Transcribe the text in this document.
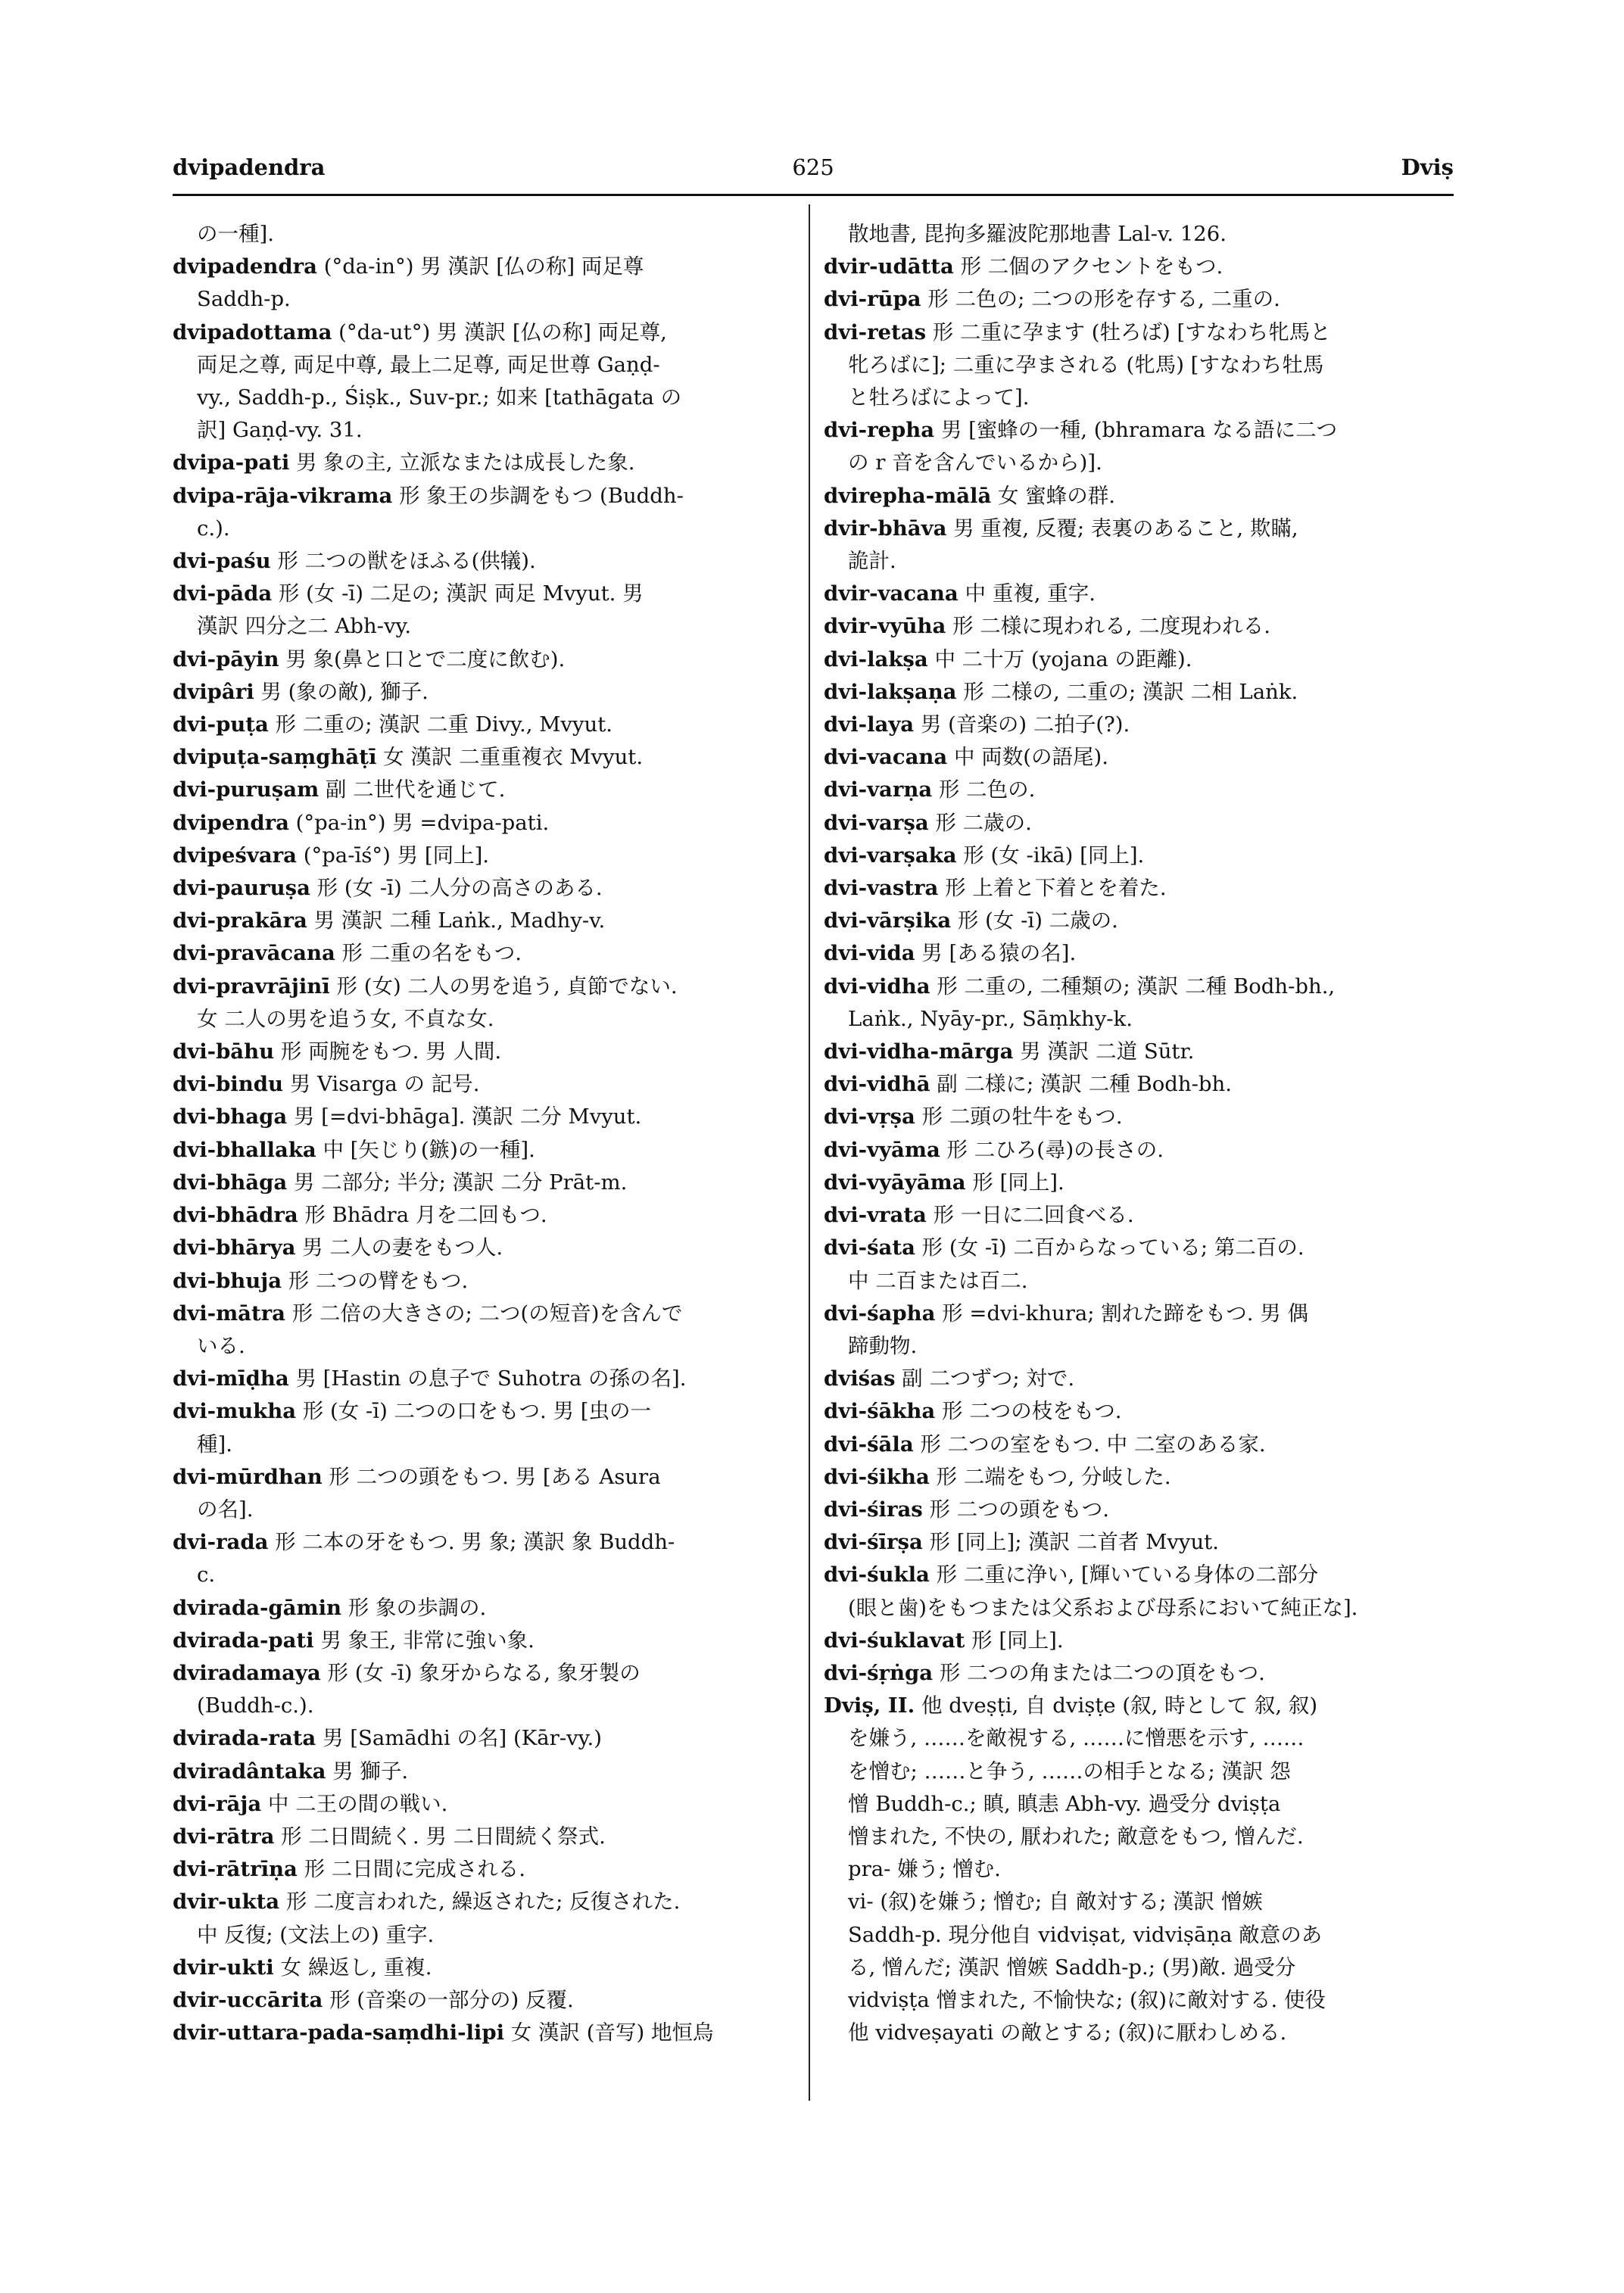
dvipadendra	625	Dviṣ
の一種].
dvipadendra (°da-in°) 男 漢訳 [仏の称] 両足尊
Saddh-p.
dvipadottama (°da-ut°) 男 漢訳 [仏の称] 両足尊,
両足之尊, 両足中尊, 最上二足尊, 両足世尊 Gaṇḍ-
vy., Saddh-p., Śiṣk., Suv-pr.; 如来 [tathāgata の
訳] Gaṇḍ-vy. 31.
dvipa-pati 男 象の主, 立派なまたは成長した象.
dvipa-rāja-vikrama 形 象王の歩調をもつ (Buddh-
c.).
dvi-paśu 形 二つの獣をほふる(供犠).
dvi-pāda 形 (女 -ī) 二足の; 漢訳 両足 Mvyut. 男
漢訳 四分之二 Abh-vy.
dvi-pāyin 男 象(鼻と口とで二度に飲む).
dvipâri 男 (象の敵), 獅子.
dvi-puṭa 形 二重の; 漢訳 二重 Divy., Mvyut.
dvipuṭa-saṃghāṭī 女 漢訳 二重重複衣 Mvyut.
dvi-puruṣam 副 二世代を通じて.
dvipendra (°pa-in°) 男 =dvipa-pati.
dvipeśvara (°pa-īś°) 男 [同上].
dvi-pauruṣa 形 (女 -ī) 二人分の高さのある.
dvi-prakāra 男 漢訳 二種 Laṅk., Madhy-v.
dvi-pravācana 形 二重の名をもつ.
dvi-pravrājinī 形 (女) 二人の男を追う, 貞節でない.
女 二人の男を追う女, 不貞な女.
dvi-bāhu 形 両腕をもつ. 男 人間.
dvi-bindu 男 Visarga の 記号.
dvi-bhaga 男 [=dvi-bhāga]. 漢訳 二分 Mvyut.
dvi-bhallaka 中 [矢じり(鏃)の一種].
dvi-bhāga 男 二部分; 半分; 漢訳 二分 Prāt-m.
dvi-bhādra 形 Bhādra 月を二回もつ.
dvi-bhārya 男 二人の妻をもつ人.
dvi-bhuja 形 二つの臂をもつ.
dvi-mātra 形 二倍の大きさの; 二つ(の短音)を含んで
いる.
dvi-mīḍha 男 [Hastin の息子で Suhotra の孫の名].
dvi-mukha 形 (女 -ī) 二つの口をもつ. 男 [虫の一
種].
dvi-mūrdhan 形 二つの頭をもつ. 男 [ある Asura
の名].
dvi-rada 形 二本の牙をもつ. 男 象; 漢訳 象 Buddh-
c.
dvirada-gāmin 形 象の歩調の.
dvirada-pati 男 象王, 非常に強い象.
dviradamaya 形 (女 -ī) 象牙からなる, 象牙製の
(Buddh-c.).
dvirada-rata 男 [Samādhi の名] (Kār-vy.)
dviradântaka 男 獅子.
dvi-rāja 中 二王の間の戦い.
dvi-rātra 形 二日間続く. 男 二日間続く祭式.
dvi-rātrīṇa 形 二日間に完成される.
dvir-ukta 形 二度言われた, 繰返された; 反復された.
中 反復; (文法上の) 重字.
dvir-ukti 女 繰返し, 重複.
dvir-uccārita 形 (音楽の一部分の) 反覆.
dvir-uttara-pada-saṃdhi-lipi 女 漢訳 (音写) 地恒烏
散地書, 毘拘多羅波陀那地書 Lal-v. 126.
dvir-udātta 形 二個のアクセントをもつ.
dvi-rūpa 形 二色の; 二つの形を存する, 二重の.
dvi-retas 形 二重に孕ます (牡ろば) [すなわち牝馬と
牝ろばに]; 二重に孕まされる (牝馬) [すなわち牡馬
と牡ろばによって].
dvi-repha 男 [蜜蜂の一種, (bhramara なる語に二つ
の r 音を含んでいるから)].
dvirepha-mālā 女 蜜蜂の群.
dvir-bhāva 男 重複, 反覆; 表裏のあること, 欺瞞,
詭計.
dvir-vacana 中 重複, 重字.
dvir-vyūha 形 二様に現われる, 二度現われる.
dvi-lakṣa 中 二十万 (yojana の距離).
dvi-lakṣaṇa 形 二様の, 二重の; 漢訳 二相 Laṅk.
dvi-laya 男 (音楽の) 二拍子(?).
dvi-vacana 中 両数(の語尾).
dvi-varṇa 形 二色の.
dvi-varṣa 形 二歳の.
dvi-varṣaka 形 (女 -ikā) [同上].
dvi-vastra 形 上着と下着とを着た.
dvi-vārṣika 形 (女 -ī) 二歳の.
dvi-vida 男 [ある猿の名].
dvi-vidha 形 二重の, 二種類の; 漢訳 二種 Bodh-bh.,
Laṅk., Nyāy-pr., Sāṃkhy-k.
dvi-vidha-mārga 男 漢訳 二道 Sūtr.
dvi-vidhā 副 二様に; 漢訳 二種 Bodh-bh.
dvi-vṛṣa 形 二頭の牡牛をもつ.
dvi-vyāma 形 二ひろ(尋)の長さの.
dvi-vyāyāma 形 [同上].
dvi-vrata 形 一日に二回食べる.
dvi-śata 形 (女 -ī) 二百からなっている; 第二百の.
中 二百または百二.
dvi-śapha 形 =dvi-khura; 割れた蹄をもつ. 男 偶
蹄動物.
dviśas 副 二つずつ; 対で.
dvi-śākha 形 二つの枝をもつ.
dvi-śāla 形 二つの室をもつ. 中 二室のある家.
dvi-śikha 形 二端をもつ, 分岐した.
dvi-śiras 形 二つの頭をもつ.
dvi-śīrṣa 形 [同上]; 漢訳 二首者 Mvyut.
dvi-śukla 形 二重に浄い, [輝いている身体の二部分
(眼と歯)をもつまたは父系および母系において純正な].
dvi-śuklavat 形 [同上].
dvi-śṛṅga 形 二つの角または二つの頂をもつ.
Dviṣ, II. 他 dveṣṭi, 自 dviṣṭe (叙, 時として 叙, 叙)
を嫌う, ……を敵視する, ……に憎悪を示す, ……
を憎む; ……と争う, ……の相手となる; 漢訳 怨
憎 Buddh-c.; 瞋, 瞋恚 Abh-vy. 過受分 dviṣṭa
憎まれた, 不快の, 厭われた; 敵意をもつ, 憎んだ.
pra- 嫌う; 憎む.
vi- (叙)を嫌う; 憎む; 自 敵対する; 漢訳 憎嫉
Saddh-p. 現分他自 vidviṣat, vidviṣāṇa 敵意のあ
る, 憎んだ; 漢訳 憎嫉 Saddh-p.; (男)敵. 過受分
vidviṣṭa 憎まれた, 不愉快な; (叙)に敵対する. 使役
他 vidveṣayati の敵とする; (叙)に厭わしめる.
